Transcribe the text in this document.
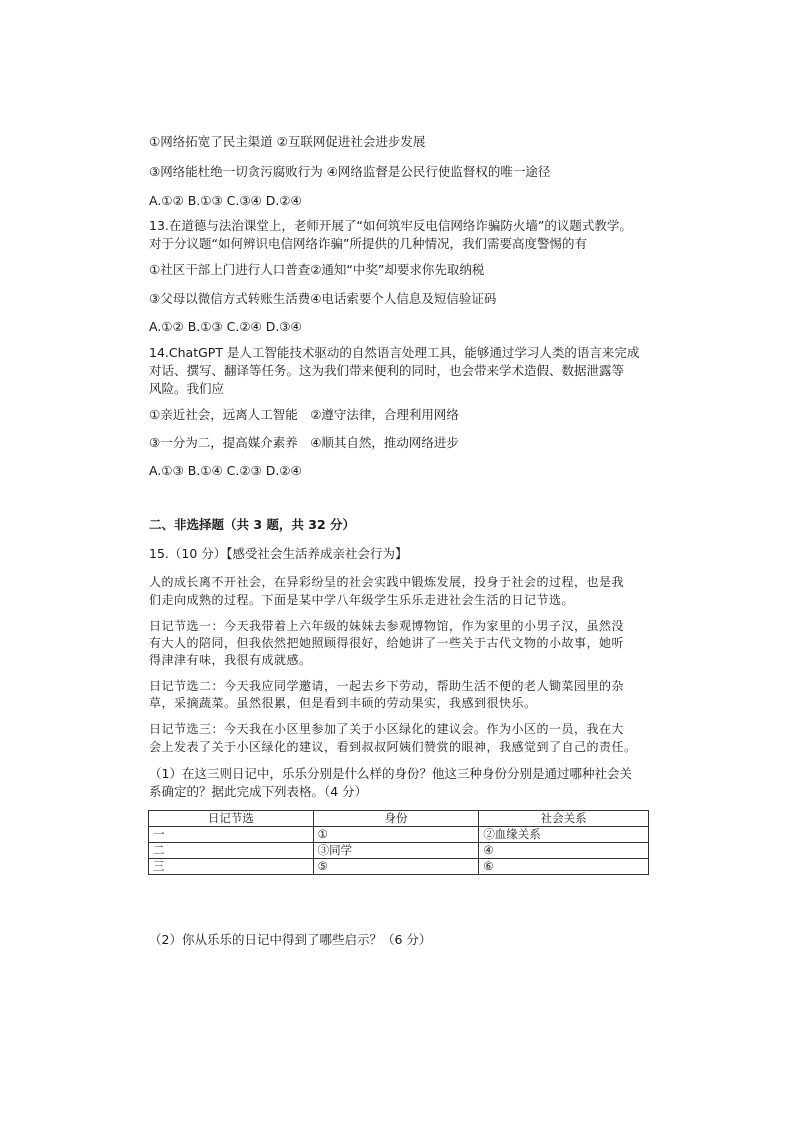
①网络拓宽了民主渠道 ②互联网促进社会进步发展
③网络能杜绝一切贪污腐败行为 ④网络监督是公民行使监督权的唯一途径
A.①② B.①③ C.③④ D.②④
13.在道德与法治课堂上，老师开展了“如何筑牢反电信网络诈骗防火墙”的议题式教学。
对于分议题“如何辨识电信网络诈骗”所提供的几种情况，我们需要高度警惕的有
①社区干部上门进行人口普查②通知“中奖”却要求你先取纳税
③父母以微信方式转账生活费④电话索要个人信息及短信验证码
A.①② B.①③ C.②④ D.③④
14.ChatGPT 是人工智能技术驱动的自然语言处理工具，能够通过学习人类的语言来完成
对话、撰写、翻译等任务。这为我们带来便利的同时，也会带来学术造假、数据泄露等
风险。我们应
①亲近社会，远离人工智能　②遵守法律，合理利用网络
③一分为二，提高媒介素养　④顺其自然，推动网络进步
A.①③ B.①④ C.②③ D.②④
二、非选择题（共 3 题，共 32 分）
15.（10 分）【感受社会生活养成亲社会行为】
人的成长离不开社会，在异彩纷呈的社会实践中锻炼发展，投身于社会的过程，也是我
们走向成熟的过程。下面是某中学八年级学生乐乐走进社会生活的日记节选。
日记节选一：今天我带着上六年级的妹妹去参观博物馆，作为家里的小男子汉，虽然没
有大人的陪同，但我依然把她照顾得很好，给她讲了一些关于古代文物的小故事，她听
得津津有味，我很有成就感。
日记节选二：今天我应同学邀请，一起去乡下劳动，帮助生活不便的老人锄菜园里的杂
草，采摘蔬菜。虽然很累，但是看到丰硕的劳动果实，我感到很快乐。
日记节选三：今天我在小区里参加了关于小区绿化的建议会。作为小区的一员，我在大
会上发表了关于小区绿化的建议，看到叔叔阿姨们赞赏的眼神，我感觉到了自己的责任。
（1）在这三则日记中，乐乐分别是什么样的身份？他这三种身份分别是通过哪种社会关
系确定的？据此完成下列表格。（4 分）
日记节选	身份	社会关系
一	①	②血缘关系
二	③同学	④
三	⑤	⑥
（2）你从乐乐的日记中得到了哪些启示？（6 分）
